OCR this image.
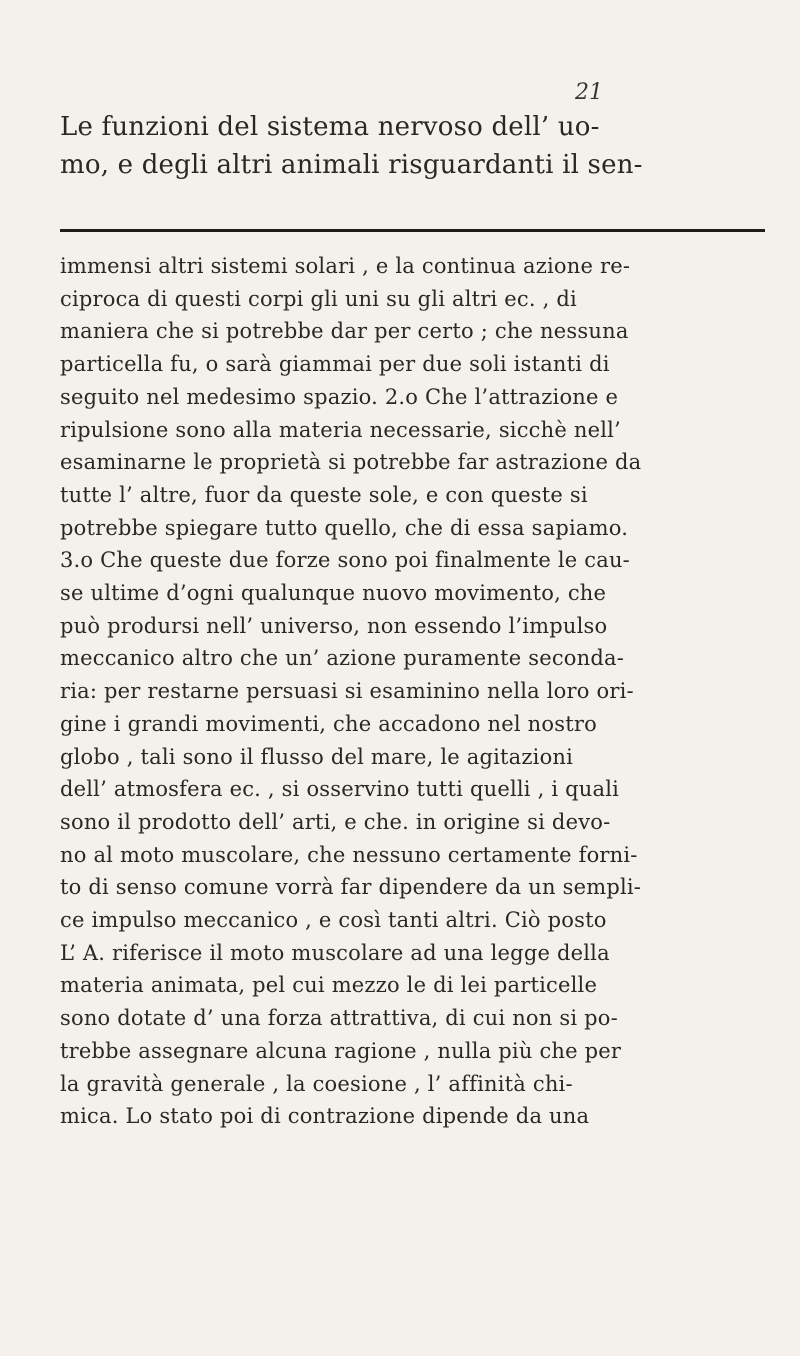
21
Le funzioni del sistema nervoso dell’ uo-
mo, e degli altri animali risguardanti il sen-
immensi altri sistemi solari , e la continua azione re-
ciproca di questi corpi gli uni su gli altri ec. , di
maniera che si potrebbe dar per certo ; che nessuna
particella fu, o sarà giammai per due soli istanti di
seguito nel medesimo spazio. 2.o Che l’attrazione e
ripulsione sono alla materia necessarie, sicchè nell’
esaminarne le proprietà si potrebbe far astrazione da
tutte l’ altre, fuor da queste sole, e con queste si
potrebbe spiegare tutto quello, che di essa sapiamo.
3.o Che queste due forze sono poi finalmente le cau-
se ultime d’ogni qualunque nuovo movimento, che
può prodursi nell’ universo, non essendo l’impulso
meccanico altro che un’ azione puramente seconda-
ria: per restarne persuasi si esaminino nella loro ori-
gine i grandi movimenti, che accadono nel nostro
globo , tali sono il flusso del mare, le agitazioni
dell’ atmosfera ec. , si osservino tutti quelli , i quali
sono il prodotto dell’ arti, e che. in origine si devo-
no al moto muscolare, che nessuno certamente forni-
to di senso comune vorrà far dipendere da un sempli-
ce impulso meccanico , e così tanti altri. Ciò posto
L’ A. riferisce il moto muscolare ad una legge della
materia animata, pel cui mezzo le di lei particelle
sono dotate d’ una forza attrattiva, di cui non si po-
trebbe assegnare alcuna ragione , nulla più che per
la gravità generale , la coesione , l’ affinità chi-
mica. Lo stato poi di contrazione dipende da una
